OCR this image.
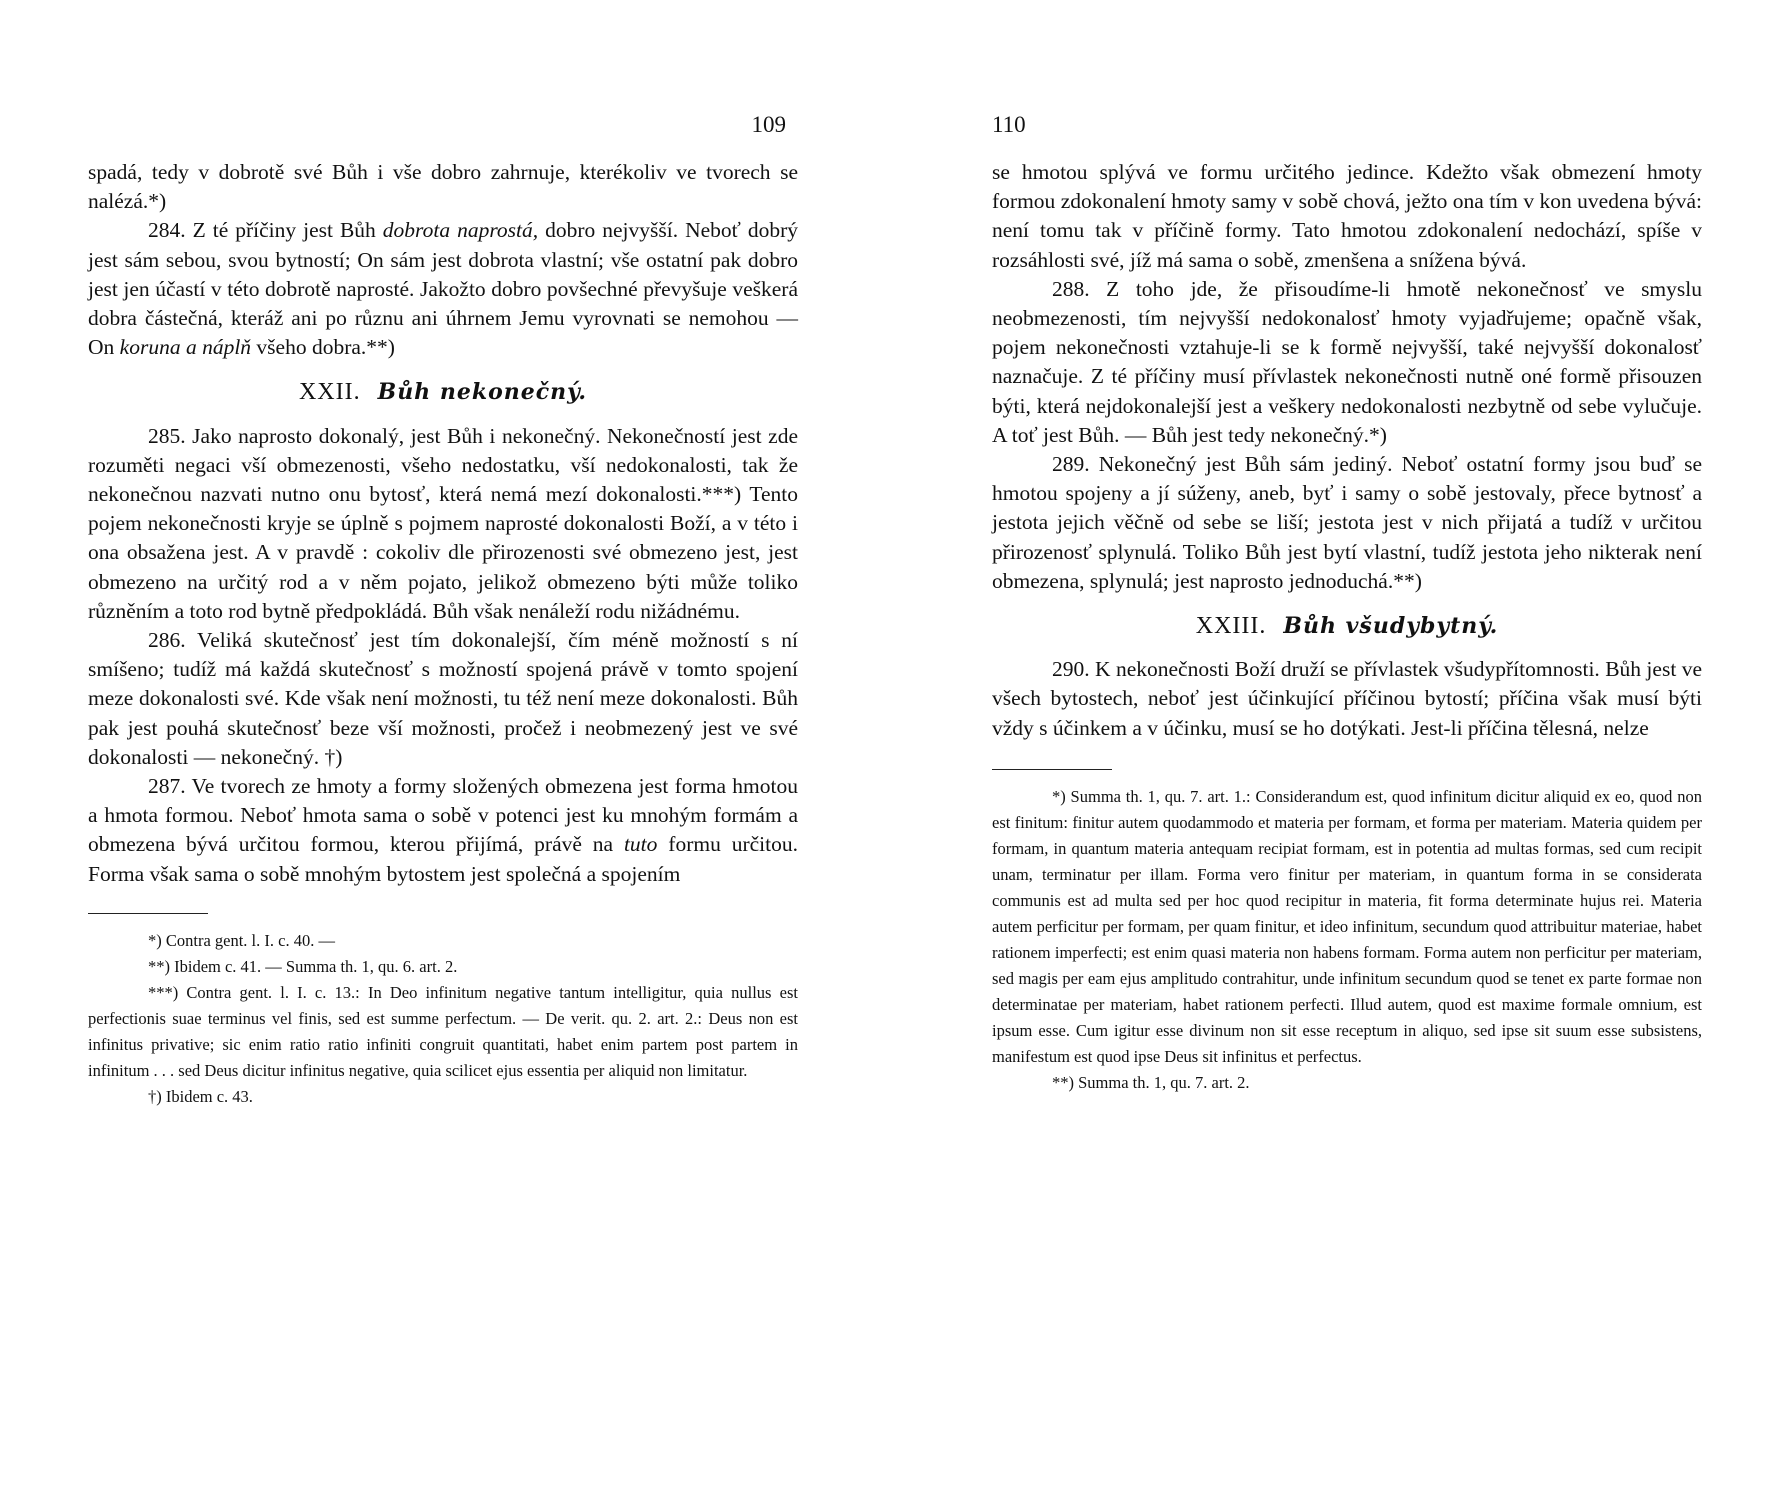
109

spadá, tedy v dobrotě své Bůh i vše dobro zahrnuje, kterékoliv ve tvorech se nalézá.*)

284. Z té příčiny jest Bůh dobrota naprostá, dobro nejvyšší. Neboť dobrý jest sám sebou, svou bytností; On sám jest dobrota vlastní; vše ostatní pak dobro jest jen účastí v této dobrotě naprosté. Jakožto dobro povšechné převyšuje veškerá dobra částečná, kteráž ani po různu ani úhrnem Jemu vyrovnati se nemohou — On koruna a náplň všeho dobra.**)

XXII. Bůh nekonečný.

285. Jako naprosto dokonalý, jest Bůh i nekonečný. Nekonečností jest zde rozuměti negaci vší obmezenosti, všeho nedostatku, vší nedokonalosti, tak že nekonečnou nazvati nutno onu bytosť, která nemá mezí dokonalosti.***) Tento pojem nekonečnosti kryje se úplně s pojmem naprosté dokonalosti Boží, a v této i ona obsažena jest. A v pravdě : cokoliv dle přirozenosti své obmezeno jest, jest obmezeno na určitý rod a v něm pojato, jelikož obmezeno býti může toliko různěním a toto rod bytně předpokládá. Bůh však nenáleží rodu nižádnému.

286. Veliká skutečnosť jest tím dokonalejší, čím méně možností s ní smíšeno; tudíž má každá skutečnosť s možností spojená právě v tomto spojení meze dokonalosti své. Kde však není možnosti, tu též není meze dokonalosti. Bůh pak jest pouhá skutečnosť beze vší možnosti, pročež i neobmezený jest ve své dokonalosti — nekonečný. †)

287. Ve tvorech ze hmoty a formy složených obmezena jest forma hmotou a hmota formou. Neboť hmota sama o sobě v potenci jest ku mnohým formám a obmezena bývá určitou formou, kterou přijímá, právě na tuto formu určitou. Forma však sama o sobě mnohým bytostem jest společná a spojením

*) Contra gent. l. I. c. 40. —

**) Ibidem c. 41. — Summa th. 1, qu. 6. art. 2.

***) Contra gent. l. I. c. 13.: In Deo infinitum negative tantum intelligitur, quia nullus est perfectionis suae terminus vel finis, sed est summe perfectum. — De verit. qu. 2. art. 2.: Deus non est infinitus privative; sic enim ratio ratio infiniti congruit quantitati, habet enim partem post partem in infinitum . . . sed Deus dicitur infinitus negative, quia scilicet ejus essentia per aliquid non limitatur.

†) Ibidem c. 43.

110

se hmotou splývá ve formu určitého jedince. Kdežto však obmezení hmoty formou zdokonalení hmoty samy v sobě chová, ježto ona tím v kon uvedena bývá: není tomu tak v příčině formy. Tato hmotou zdokonalení nedochází, spíše v rozsáhlosti své, jíž má sama o sobě, zmenšena a snížena bývá.

288. Z toho jde, že přisoudíme-li hmotě nekonečnosť ve smyslu neobmezenosti, tím nejvyšší nedokonalosť hmoty vyjadřujeme; opačně však, pojem nekonečnosti vztahuje-li se k formě nejvyšší, také nejvyšší dokonalosť naznačuje. Z té příčiny musí přívlastek nekonečnosti nutně oné formě přisouzen býti, která nejdokonalejší jest a veškery nedokonalosti nezbytně od sebe vylučuje. A toť jest Bůh. — Bůh jest tedy nekonečný.*)

289. Nekonečný jest Bůh sám jediný. Neboť ostatní formy jsou buď se hmotou spojeny a jí súženy, aneb, byť i samy o sobě jestovaly, přece bytnosť a jestota jejich věčně od sebe se liší; jestota jest v nich přijatá a tudíž v určitou přirozenosť splynulá. Toliko Bůh jest bytí vlastní, tudíž jestota jeho nikterak není obmezena, splynulá; jest naprosto jednoduchá.**)

XXIII. Bůh všudybytný.

290. K nekonečnosti Boží druží se přívlastek všudypřítomnosti. Bůh jest ve všech bytostech, neboť jest účinkující příčinou bytostí; příčina však musí býti vždy s účinkem a v účinku, musí se ho dotýkati. Jest-li příčina tělesná, nelze

*) Summa th. 1, qu. 7. art. 1.: Considerandum est, quod infinitum dicitur aliquid ex eo, quod non est finitum: finitur autem quodammodo et materia per formam, et forma per materiam. Materia quidem per formam, in quantum materia antequam recipiat formam, est in potentia ad multas formas, sed cum recipit unam, terminatur per illam. Forma vero finitur per materiam, in quantum forma in se considerata communis est ad multa sed per hoc quod recipitur in materia, fit forma determinate hujus rei. Materia autem perficitur per formam, per quam finitur, et ideo infinitum, secundum quod attribuitur materiae, habet rationem imperfecti; est enim quasi materia non habens formam. Forma autem non perficitur per materiam, sed magis per eam ejus amplitudo contrahitur, unde infinitum secundum quod se tenet ex parte formae non determinatae per materiam, habet rationem perfecti. Illud autem, quod est maxime formale omnium, est ipsum esse. Cum igitur esse divinum non sit esse receptum in aliquo, sed ipse sit suum esse subsistens, manifestum est quod ipse Deus sit infinitus et perfectus.

**) Summa th. 1, qu. 7. art. 2.
